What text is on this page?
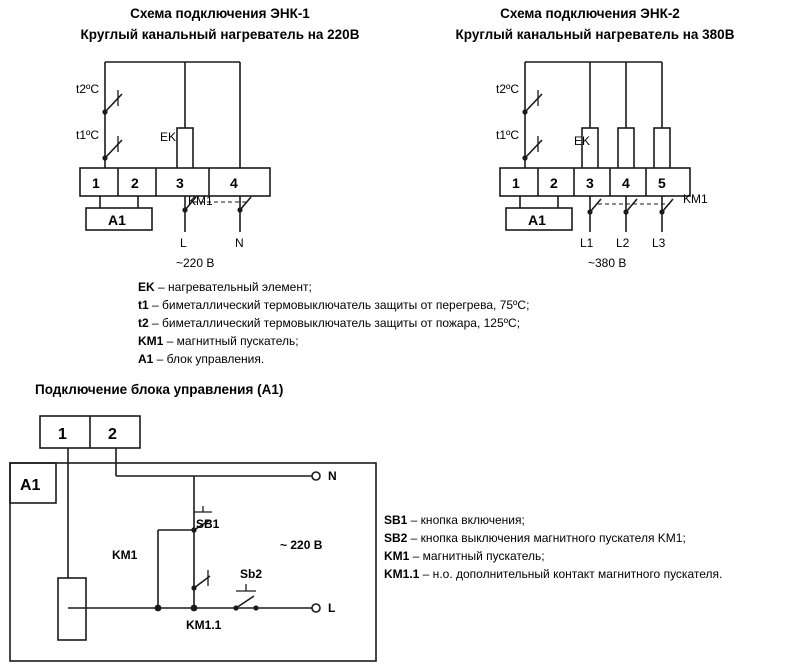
Схема подключения ЭНК-1
Круглый канальный нагреватель на 220В
Схема подключения ЭНК-2
Круглый канальный нагреватель на 380В
1 2	3	4
A1
t2ºC
t1ºC	EK
KM1
L	N
~220 В
1 2 3 4 5
A1
t2ºC
t1ºC	EK
KM1
L1 L2 L3
~380 В
EK – нагревательный элемент;
t1 – биметаллический термовыключатель защиты от перегрева, 75ºС;
t2 – биметаллический термовыключатель защиты от пожара, 125ºС;
KM1 – магнитный пускатель;
A1 – блок управления.
Подключение блока управления (А1)
1	2
A1
SB1
Sb2
KM1
KM1.1
N
L
~ 220 В
SB1 – кнопка включения;
SB2 – кнопка выключения магнитного пускателя KM1;
KM1 – магнитный пускатель;
KM1.1 – н.о. дополнительный контакт магнитного пускателя.
